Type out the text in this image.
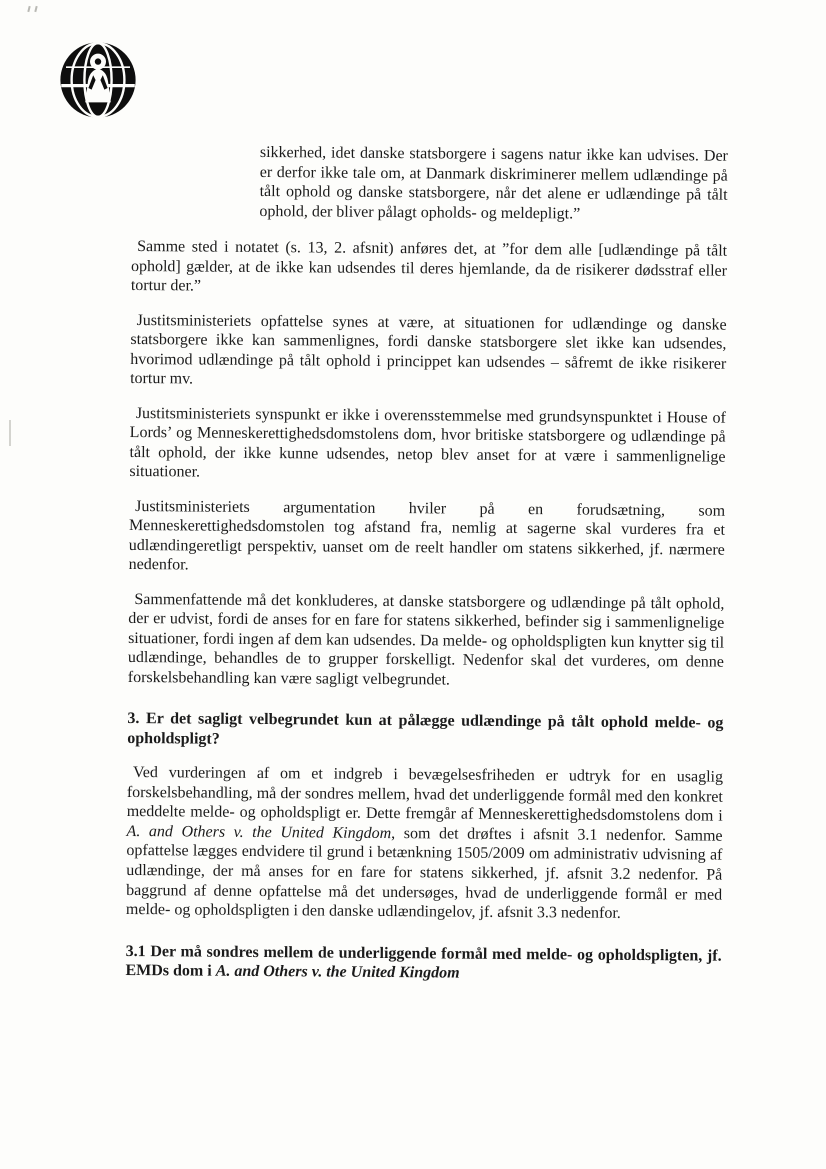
sikkerhed, idet danske statsborgere i sagens natur ikke kan udvises. Der er derfor ikke tale om, at Danmark diskriminerer mellem udlændinge på tålt ophold og danske statsborgere, når det alene er udlændinge på tålt ophold, der bliver pålagt opholds- og meldepligt.”

Samme sted i notatet (s. 13, 2. afsnit) anføres det, at ”for dem alle [udlændinge på tålt ophold] gælder, at de ikke kan udsendes til deres hjemlande, da de risikerer dødsstraf eller tortur der.”

Justitsministeriets opfattelse synes at være, at situationen for udlændinge og danske statsborgere ikke kan sammenlignes, fordi danske statsborgere slet ikke kan udsendes, hvorimod udlændinge på tålt ophold i princippet kan udsendes – såfremt de ikke risikerer tortur mv.

Justitsministeriets synspunkt er ikke i overensstemmelse med grundsynspunktet i House of Lords’ og Menneskerettighedsdomstolens dom, hvor britiske statsborgere og udlændinge på tålt ophold, der ikke kunne udsendes, netop blev anset for at være i sammenlignelige situationer.

Justitsministeriets argumentation hviler på en forudsætning, som Menneskerettighedsdomstolen tog afstand fra, nemlig at sagerne skal vurderes fra et udlændingeretligt perspektiv, uanset om de reelt handler om statens sikkerhed, jf. nærmere nedenfor.

Sammenfattende må det konkluderes, at danske statsborgere og udlændinge på tålt ophold, der er udvist, fordi de anses for en fare for statens sikkerhed, befinder sig i sammenlignelige situationer, fordi ingen af dem kan udsendes. Da melde- og opholdspligten kun knytter sig til udlændinge, behandles de to grupper forskelligt. Nedenfor skal det vurderes, om denne forskelsbehandling kan være sagligt velbegrundet.

3. Er det sagligt velbegrundet kun at pålægge udlændinge på tålt ophold melde- og opholdspligt?

Ved vurderingen af om et indgreb i bevægelsesfriheden er udtryk for en usaglig forskelsbehandling, må der sondres mellem, hvad det underliggende formål med den konkret meddelte melde- og opholdspligt er. Dette fremgår af Menneskerettighedsdomstolens dom i A. and Others v. the United Kingdom, som det drøftes i afsnit 3.1 nedenfor. Samme opfattelse lægges endvidere til grund i betænkning 1505/2009 om administrativ udvisning af udlændinge, der må anses for en fare for statens sikkerhed, jf. afsnit 3.2 nedenfor. På baggrund af denne opfattelse må det undersøges, hvad de underliggende formål er med melde- og opholdspligten i den danske udlændingelov, jf. afsnit 3.3 nedenfor.

3.1 Der må sondres mellem de underliggende formål med melde- og opholdspligten, jf. EMDs dom i A. and Others v. the United Kingdom
